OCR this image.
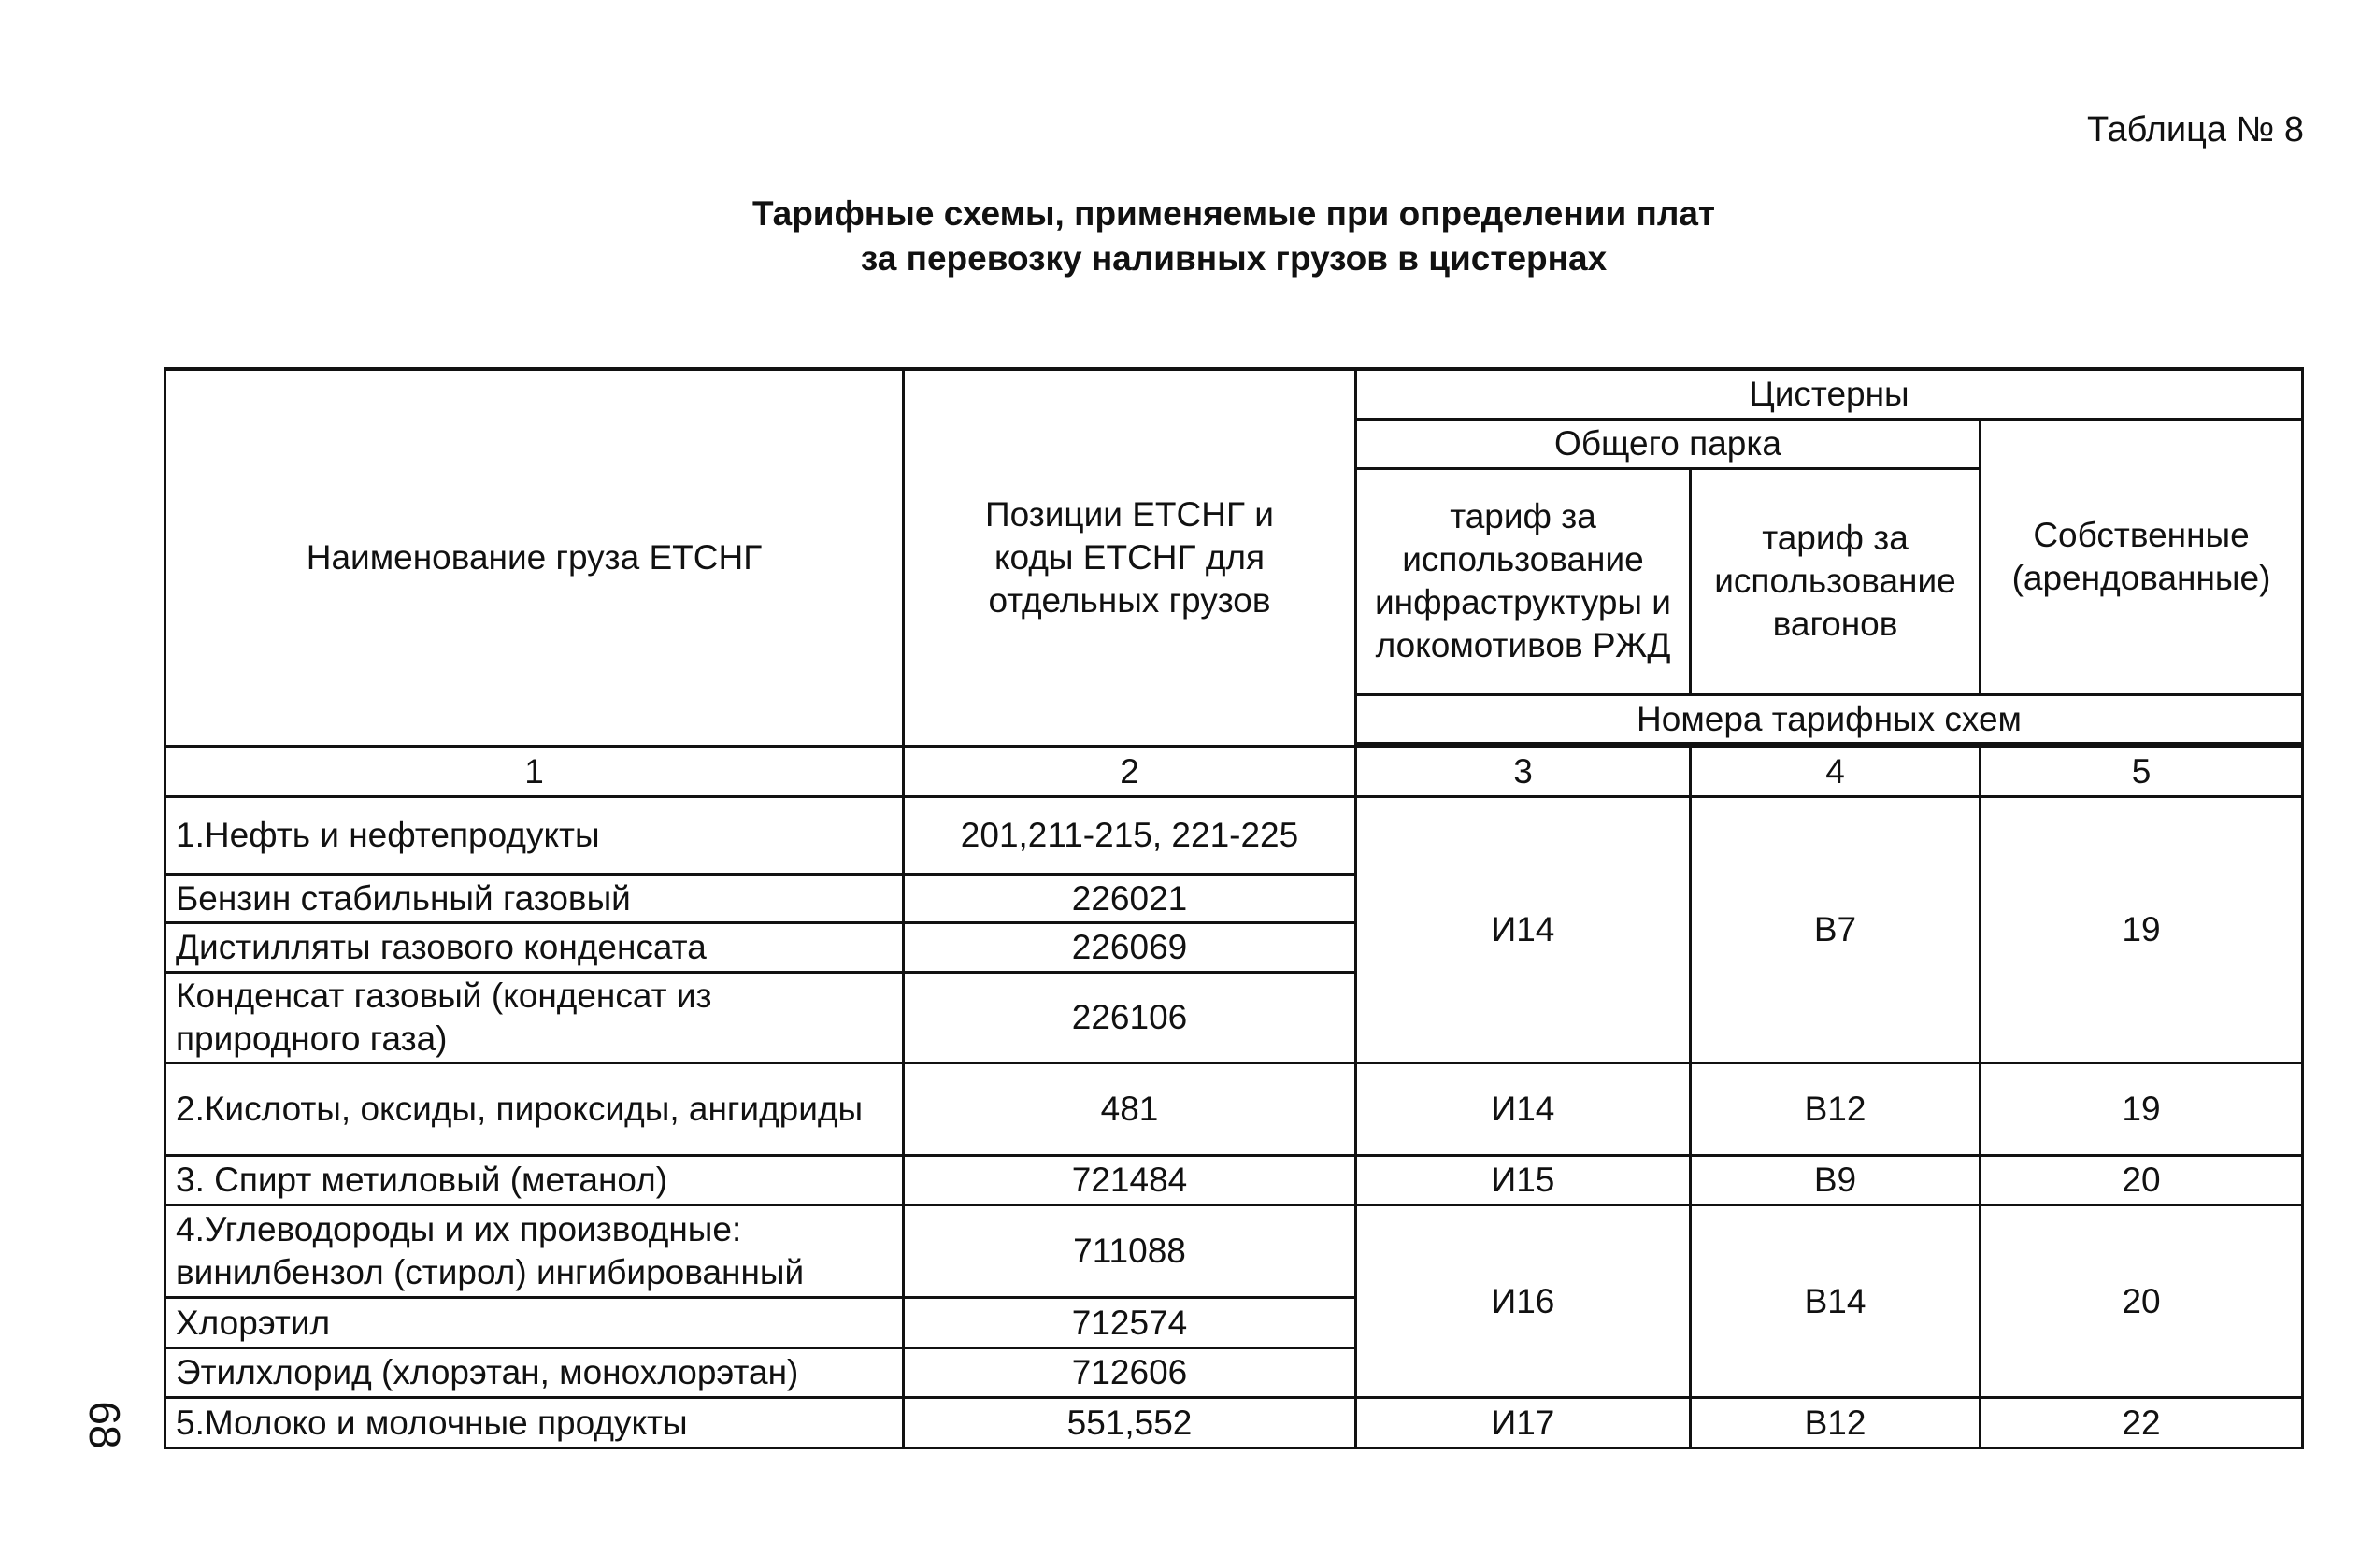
Таблица № 8
Тарифные схемы, применяемые при определении плат
за перевозку наливных грузов в цистернах
68
Наименование груза ЕТСНГ	Позиции ЕТСНГ и коды ЕТСНГ для отдельных грузов	Цистерны		
		Общего парка		Собственные (арендованные)
		тариф за использование инфраструктуры и локомотивов РЖД	тариф за использование вагонов	
		Номера тарифных схем		

1	2	3	4	5
1.Нефть и нефтепродукты	201,211-215, 221-225	И14	В7	19
Бензин стабильный газовый	226021			
Дистилляты газового конденсата	226069			
Конденсат газовый (конденсат из природного газа)	226106			
2.Кислоты, оксиды, пироксиды, ангидриды	481	И14	В12	19
3. Спирт метиловый (метанол)	721484	И15	В9	20
4.Углеводороды и их производные: винилбензол (стирол) ингибированный	711088	И16	В14	20
Хлорэтил	712574			
Этилхлорид (хлорэтан, монохлорэтан)	712606			
5.Молоко и молочные продукты	551,552	И17	В12	22
